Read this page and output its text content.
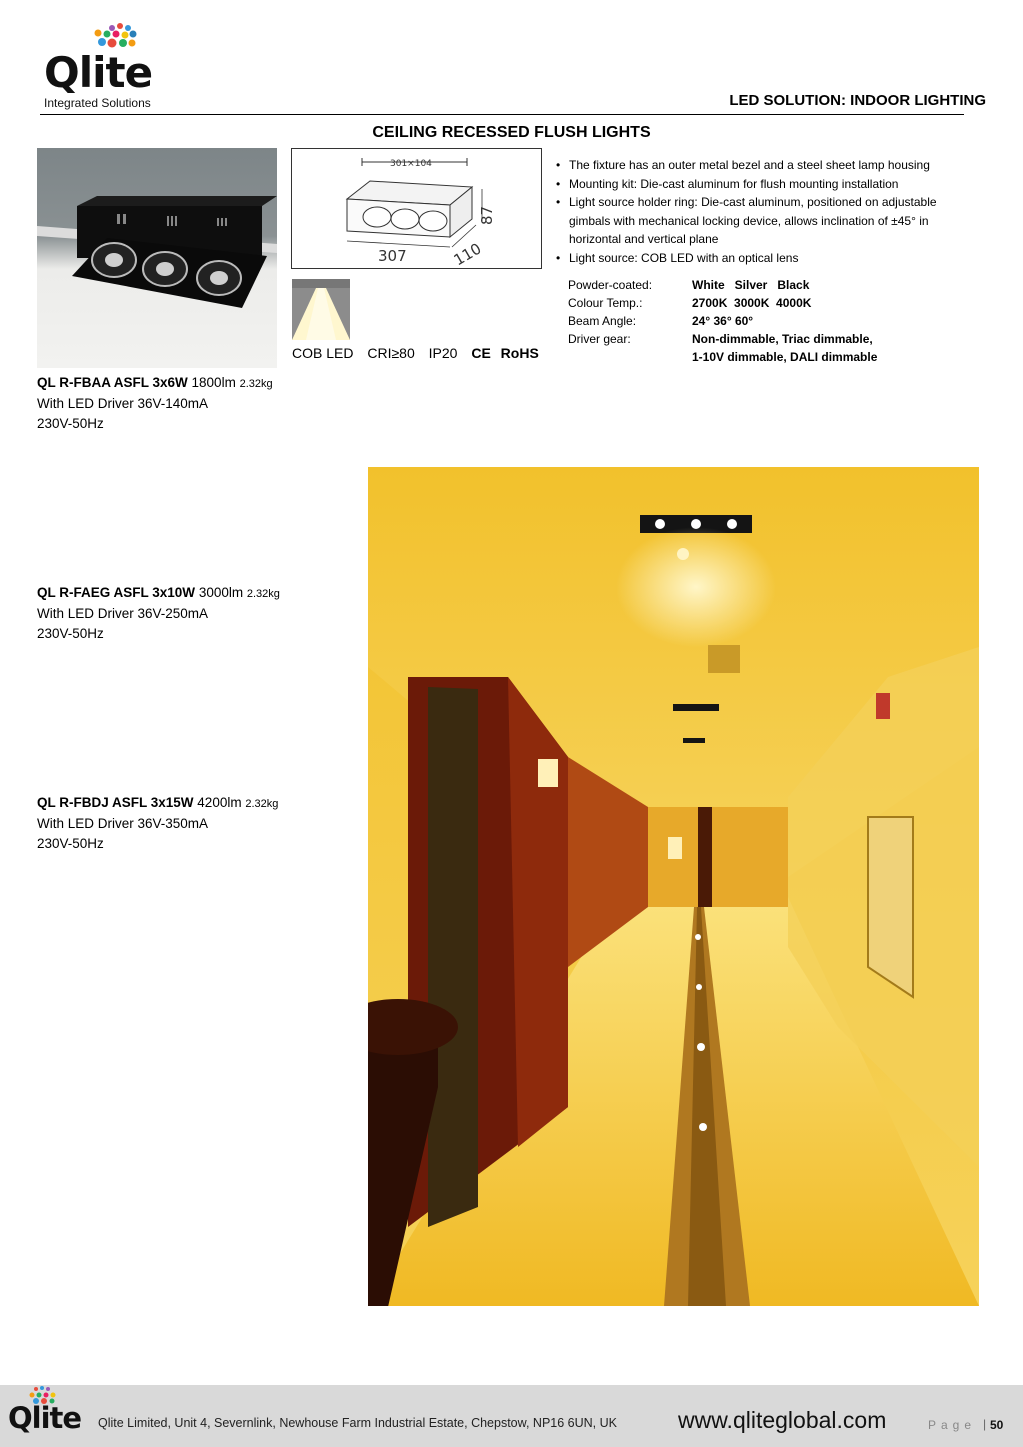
Qlite
Integrated Solutions	LED SOLUTION: INDOOR LIGHTING
CEILING RECESSED FLUSH LIGHTS
301×104
307	110
87
COB LED CRI≥80 IP20 CE RoHS
• The fixture has an outer metal bezel and a steel sheet lamp housing
• Mounting kit: Die-cast aluminum for flush mounting installation
• Light source holder ring: Die-cast aluminum, positioned on adjustable gimbals with mechanical locking device, allows inclination of ±45° in horizontal and vertical plane
• Light source: COB LED with an optical lens
Powder-coated:	White   Silver   Black
Colour Temp.:	2700K  3000K  4000K
Beam Angle:	24° 36° 60°
Driver gear:	Non-dimmable, Triac dimmable,
	1-10V dimmable, DALI dimmable
QL R-FBAA ASFL 3x6W 1800lm 2.32kg
With LED Driver 36V-140mA
230V-50Hz
QL R-FAEG ASFL 3x10W 3000lm 2.32kg
With LED Driver 36V-250mA
230V-50Hz
QL R-FBDJ ASFL 3x15W 4200lm 2.32kg
With LED Driver 36V-350mA
230V-50Hz
Qlite Qlite Limited, Unit 4, Severnlink, Newhouse Farm Industrial Estate, Chepstow, NP16 6UN, UK	www.qliteglobal.com	Page | 50
